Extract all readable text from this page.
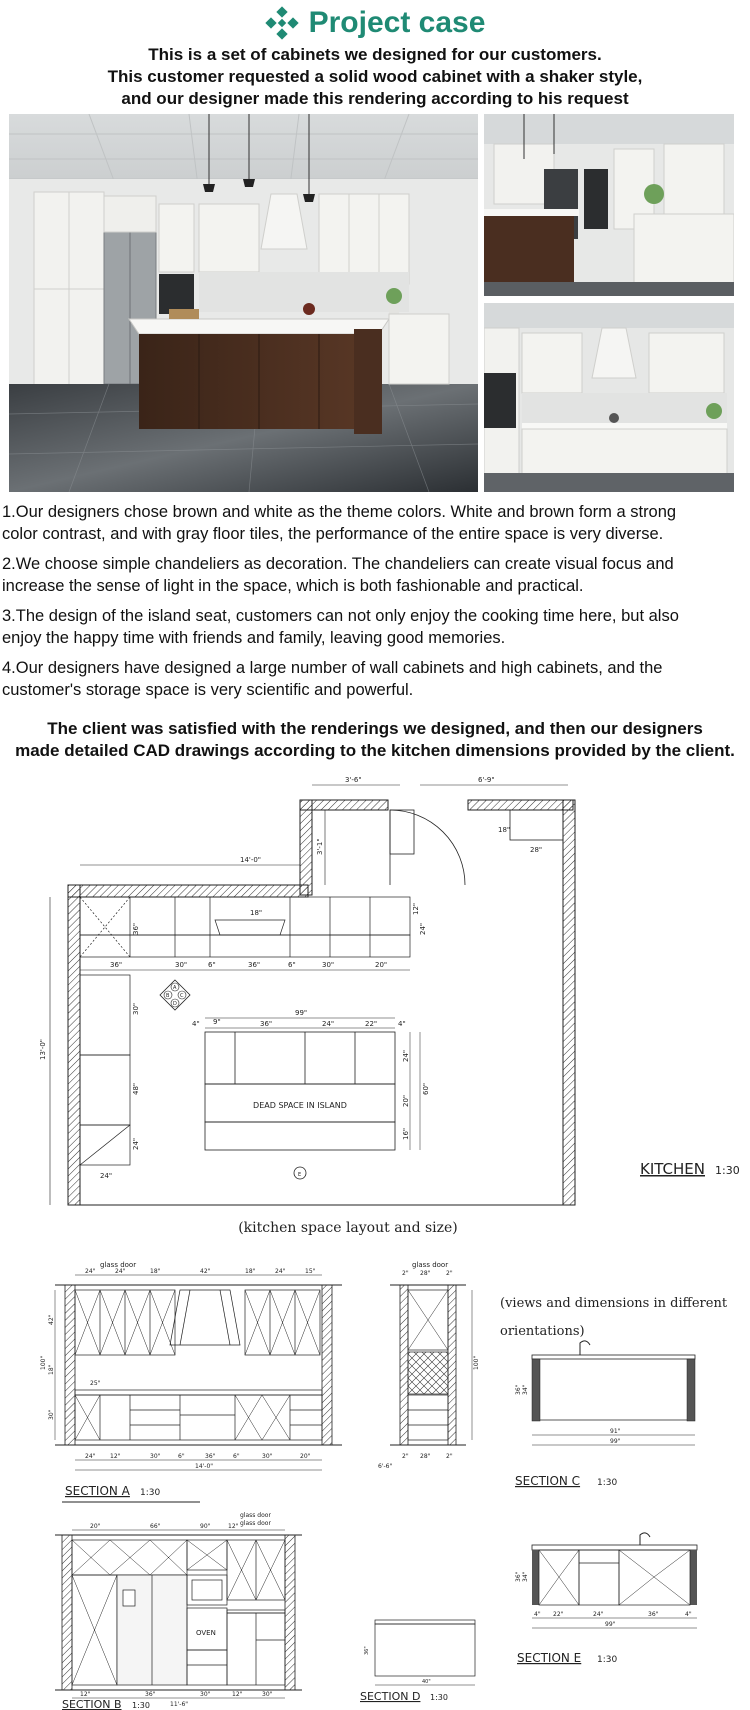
Project case
This is a set of cabinets we designed for our customers.
This customer requested a solid wood cabinet with a shaker style,
and our designer made this rendering according to his request
1.Our designers chose brown and white as the theme colors. White and brown form a strong
color contrast, and with gray floor tiles, the performance of the entire space is very diverse.
2.We choose simple chandeliers as decoration. The chandeliers can create visual focus and
increase the sense of light in the space, which is both fashionable and practical.
3.The design of the island seat, customers can not only enjoy the cooking time here, but also
enjoy the happy time with friends and family, leaving good memories.
4.Our designers have designed a large number of wall cabinets and high cabinets, and the
customer's storage space is very scientific and powerful.
The client was satisfied with the renderings we designed, and then our designers
made detailed CAD drawings according to the kitchen dimensions provided by the client.
3'-6"	6'-9"
14'-0"
13'-0"
3'-1"
18"
28"
18"	12"
24"
36"
36"	30"	6"	36"	6"	30"	20"
30"
48"
24"
24"
A
B C
D
DEAD SPACE IN ISLAND
99"
4" 9"	36"	24"	22"	4"
24"
20"
16"
60"
E	KITCHEN 1:30
(kitchen space layout and size)
glass door
24"	24"	18"	42"	18"	24"	15"
24" 12"	30"	6"	36"	6"	30"	20"
14'-0"
42"
18"
100"
30"
25"
SECTION A 1:30
glass door
2" 28"	2"
2" 28"	2"
6'-6"
100"
(views and dimensions in different
orientations)
91"
99"
36" 34"
SECTION C 1:30
OVEN
glass door
glass door
20"	66"	90"	12"
12"	36"	30"	12"	30"
11'-6"
SECTION B 1:30
40"
36"
SECTION D 1:30
4" 22"	24"	36"	4"
99"
36" 34"
SECTION E 1:30
